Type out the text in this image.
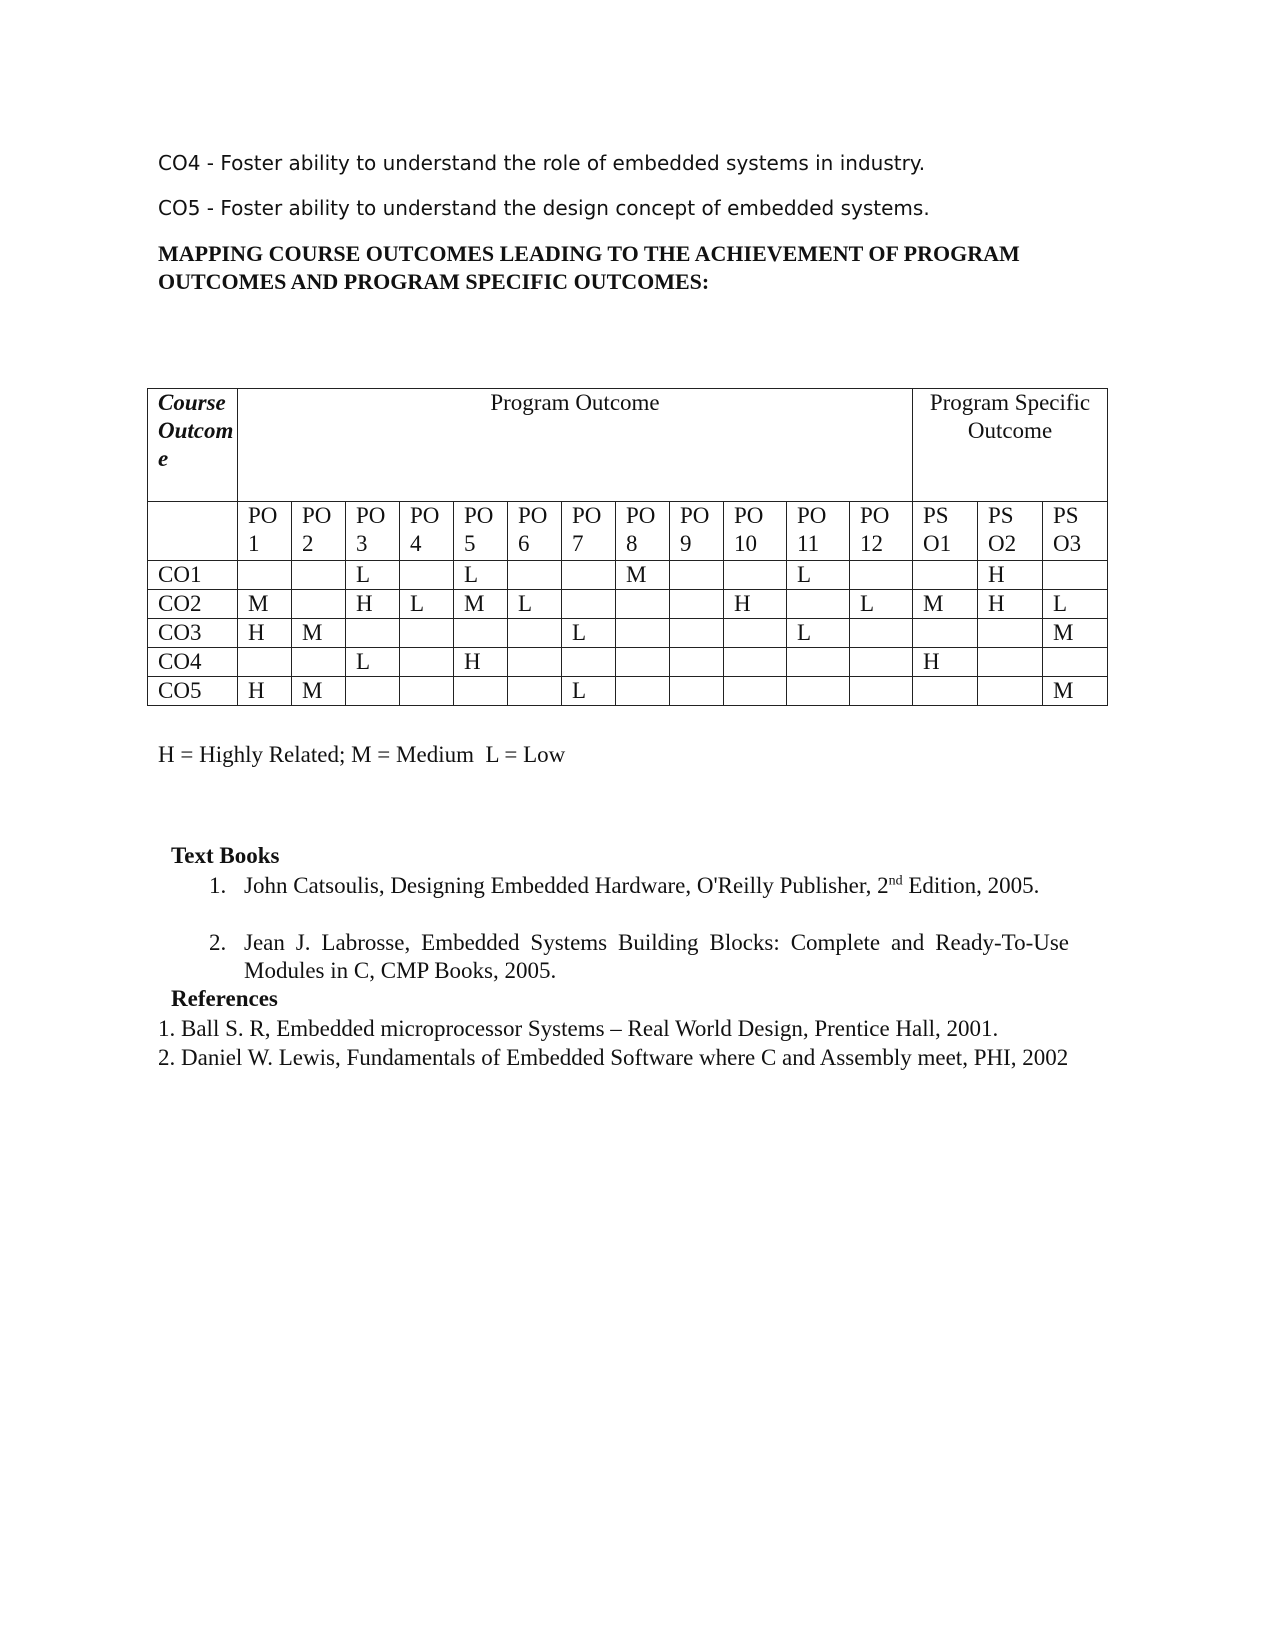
CO4 - Foster ability to understand the role of embedded systems in industry.
CO5 - Foster ability to understand the design concept of embedded systems.
MAPPING COURSE OUTCOMES LEADING TO THE ACHIEVEMENT OF PROGRAM OUTCOMES AND PROGRAM SPECIFIC OUTCOMES:
Course Outcome	Program Outcome												Program Specific Outcome		
	PO 1	PO 2	PO 3	PO 4	PO 5	PO 6	PO 7	PO 8	PO 9	PO 10	PO 11	PO 12	PS O1	PS O2	PS O3
CO1			L		L			M			L			H	
CO2	M		H	L	M	L				H		L	M	H	L
CO3	H	M					L				L				M
CO4			L		H								H		
CO5	H	M					L								M
H = Highly Related; M = Medium  L = Low
Text Books
1. John Catsoulis, Designing Embedded Hardware, O'Reilly Publisher, 2nd Edition, 2005.
2. Jean J. Labrosse, Embedded Systems Building Blocks: Complete and Ready-To-Use Modules in C, CMP Books, 2005.
References
1. Ball S. R, Embedded microprocessor Systems – Real World Design, Prentice Hall, 2001.
2. Daniel W. Lewis, Fundamentals of Embedded Software where C and Assembly meet, PHI, 2002
